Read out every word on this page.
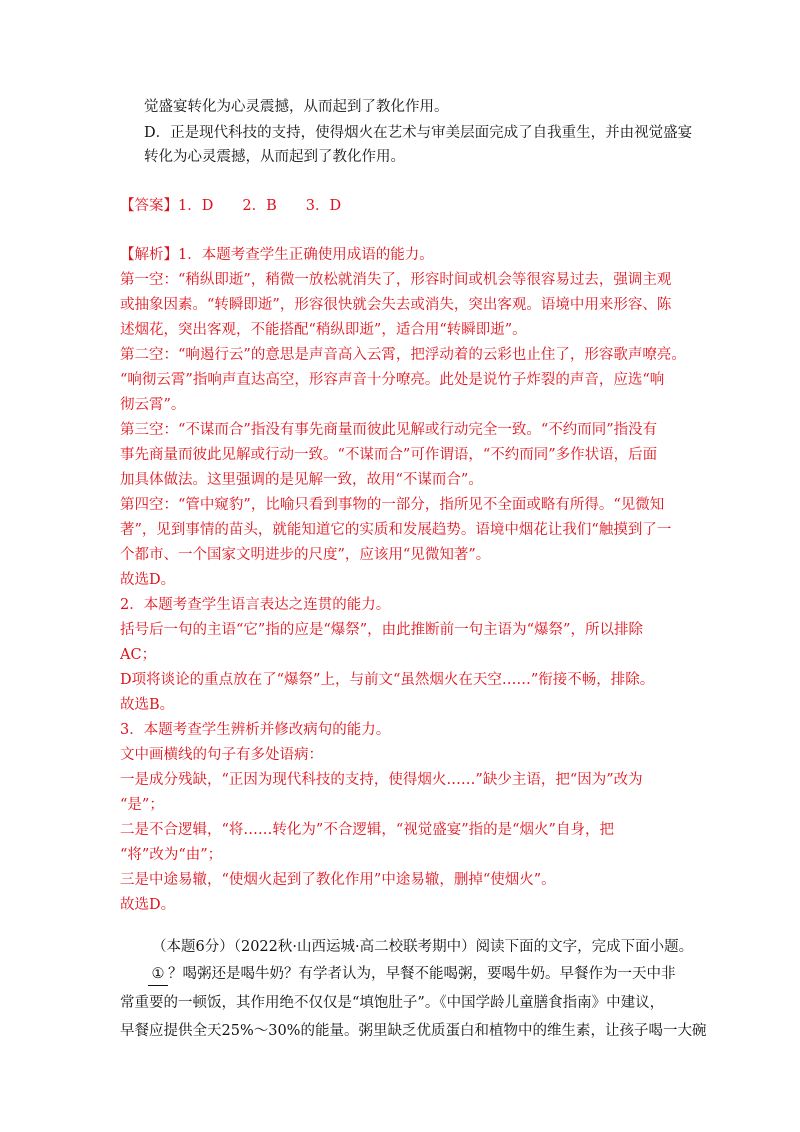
觉盛宴转化为心灵震撼，从而起到了教化作用。
D．正是现代科技的支持，使得烟火在艺术与审美层面完成了自我重生，并由视觉盛宴
转化为心灵震撼，从而起到了教化作用。
【答案】1．D　　2．B　　3．D
【解析】1．本题考查学生正确使用成语的能力。
第一空：“稍纵即逝”，稍微一放松就消失了，形容时间或机会等很容易过去，强调主观
或抽象因素。“转瞬即逝”，形容很快就会失去或消失，突出客观。语境中用来形容、陈
述烟花，突出客观，不能搭配“稍纵即逝”，适合用“转瞬即逝”。
第二空：“响遏行云”的意思是声音高入云霄，把浮动着的云彩也止住了，形容歌声嘹亮。
“响彻云霄”指响声直达高空，形容声音十分嘹亮。此处是说竹子炸裂的声音，应选“响
彻云霄”。
第三空：“不谋而合”指没有事先商量而彼此见解或行动完全一致。“不约而同”指没有
事先商量而彼此见解或行动一致。“不谋而合”可作谓语，“不约而同”多作状语，后面
加具体做法。这里强调的是见解一致，故用“不谋而合”。
第四空：“管中窥豹”，比喻只看到事物的一部分，指所见不全面或略有所得。“见微知
著”，见到事情的苗头，就能知道它的实质和发展趋势。语境中烟花让我们“触摸到了一
个都市、一个国家文明进步的尺度”，应该用“见微知著”。
故选D。
2．本题考查学生语言表达之连贯的能力。
括号后一句的主语“它”指的应是“爆祭”，由此推断前一句主语为“爆祭”，所以排除
AC；
D项将谈论的重点放在了“爆祭”上，与前文“虽然烟火在天空……”衔接不畅，排除。
故选B。
3．本题考查学生辨析并修改病句的能力。
文中画横线的句子有多处语病：
一是成分残缺，“正因为现代科技的支持，使得烟火……”缺少主语，把“因为”改为
“是”；
二是不合逻辑，“将……转化为”不合逻辑，“视觉盛宴”指的是“烟火”自身，把
“将”改为“由”；
三是中途易辙，“使烟火起到了教化作用”中途易辙，删掉“使烟火”。
故选D。
（本题6分）（2022秋·山西运城·高二校联考期中）阅读下面的文字，完成下面小题。
① ？喝粥还是喝牛奶？有学者认为，早餐不能喝粥，要喝牛奶。早餐作为一天中非
常重要的一顿饭，其作用绝不仅仅是“填饱肚子”。《中国学龄儿童膳食指南》中建议，
早餐应提供全天25%～30%的能量。粥里缺乏优质蛋白和植物中的维生素，让孩子喝一大碗
